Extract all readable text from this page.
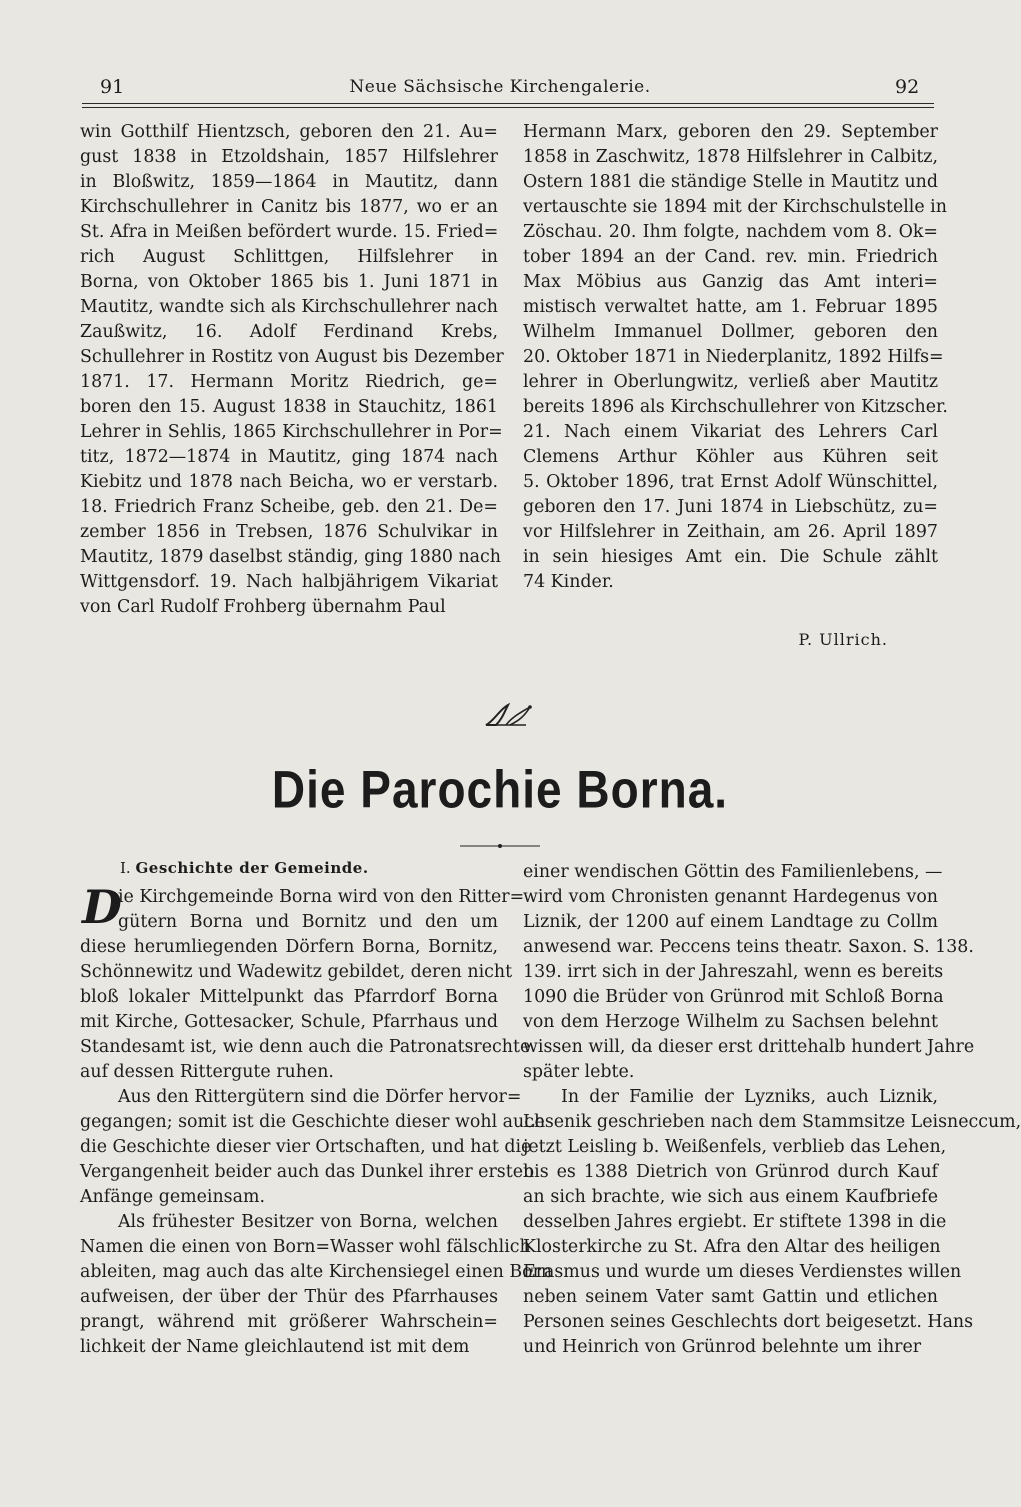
91	Neue Sächsische Kirchengalerie.	92
win Gotthilf Hientzsch, geboren den 21. Au=
gust 1838 in Etzoldshain, 1857 Hilfslehrer
in Bloßwitz, 1859—1864 in Mautitz, dann
Kirchschullehrer in Canitz bis 1877, wo er an
St. Afra in Meißen befördert wurde. 15. Fried=
rich August Schlittgen, Hilfslehrer in
Borna, von Oktober 1865 bis 1. Juni 1871 in
Mautitz, wandte sich als Kirchschullehrer nach
Zaußwitz, 16. Adolf Ferdinand Krebs,
Schullehrer in Rostitz von August bis Dezember
1871. 17. Hermann Moritz Riedrich, ge=
boren den 15. August 1838 in Stauchitz, 1861
Lehrer in Sehlis, 1865 Kirchschullehrer in Por=
titz, 1872—1874 in Mautitz, ging 1874 nach
Kiebitz und 1878 nach Beicha, wo er verstarb.
18. Friedrich Franz Scheibe, geb. den 21. De=
zember 1856 in Trebsen, 1876 Schulvikar in
Mautitz, 1879 daselbst ständig, ging 1880 nach
Wittgensdorf. 19. Nach halbjährigem Vikariat
von Carl Rudolf Frohberg übernahm Paul
Hermann Marx, geboren den 29. September
1858 in Zaschwitz, 1878 Hilfslehrer in Calbitz,
Ostern 1881 die ständige Stelle in Mautitz und
vertauschte sie 1894 mit der Kirchschulstelle in
Zöschau. 20. Ihm folgte, nachdem vom 8. Ok=
tober 1894 an der Cand. rev. min. Friedrich
Max Möbius aus Ganzig das Amt interi=
mistisch verwaltet hatte, am 1. Februar 1895
Wilhelm Immanuel Dollmer, geboren den
20. Oktober 1871 in Niederplanitz, 1892 Hilfs=
lehrer in Oberlungwitz, verließ aber Mautitz
bereits 1896 als Kirchschullehrer von Kitzscher.
21. Nach einem Vikariat des Lehrers Carl
Clemens Arthur Köhler aus Kühren seit
5. Oktober 1896, trat Ernst Adolf Wünschittel,
geboren den 17. Juni 1874 in Liebschütz, zu=
vor Hilfslehrer in Zeithain, am 26. April 1897
in sein hiesiges Amt ein. Die Schule zählt
74 Kinder.
P. Ullrich.
Die Parochie Borna.
I. Geschichte der Gemeinde.
D
ie Kirchgemeinde Borna wird von den Ritter=
gütern Borna und Bornitz und den um
diese herumliegenden Dörfern Borna, Bornitz,
Schönnewitz und Wadewitz gebildet, deren nicht
bloß lokaler Mittelpunkt das Pfarrdorf Borna
mit Kirche, Gottesacker, Schule, Pfarrhaus und
Standesamt ist, wie denn auch die Patronatsrechte
auf dessen Rittergute ruhen.
Aus den Rittergütern sind die Dörfer hervor=
gegangen; somit ist die Geschichte dieser wohl auch
die Geschichte dieser vier Ortschaften, und hat die
Vergangenheit beider auch das Dunkel ihrer ersten
Anfänge gemeinsam.
Als frühester Besitzer von Borna, welchen
Namen die einen von Born=Wasser wohl fälschlich
ableiten, mag auch das alte Kirchensiegel einen Born
aufweisen, der über der Thür des Pfarrhauses
prangt, während mit größerer Wahrschein=
lichkeit der Name gleichlautend ist mit dem
einer wendischen Göttin des Familienlebens, —
wird vom Chronisten genannt Hardegenus von
Liznik, der 1200 auf einem Landtage zu Collm
anwesend war. Peccens teins theatr. Saxon. S. 138.
139. irrt sich in der Jahreszahl, wenn es bereits
1090 die Brüder von Grünrod mit Schloß Borna
von dem Herzoge Wilhelm zu Sachsen belehnt
wissen will, da dieser erst drittehalb hundert Jahre
später lebte.
In der Familie der Lyzniks, auch Liznik,
Lesenik geschrieben nach dem Stammsitze Leisneccum,
jetzt Leisling b. Weißenfels, verblieb das Lehen,
bis es 1388 Dietrich von Grünrod durch Kauf
an sich brachte, wie sich aus einem Kaufbriefe
desselben Jahres ergiebt. Er stiftete 1398 in die
Klosterkirche zu St. Afra den Altar des heiligen
Erasmus und wurde um dieses Verdienstes willen
neben seinem Vater samt Gattin und etlichen
Personen seines Geschlechts dort beigesetzt. Hans
und Heinrich von Grünrod belehnte um ihrer
